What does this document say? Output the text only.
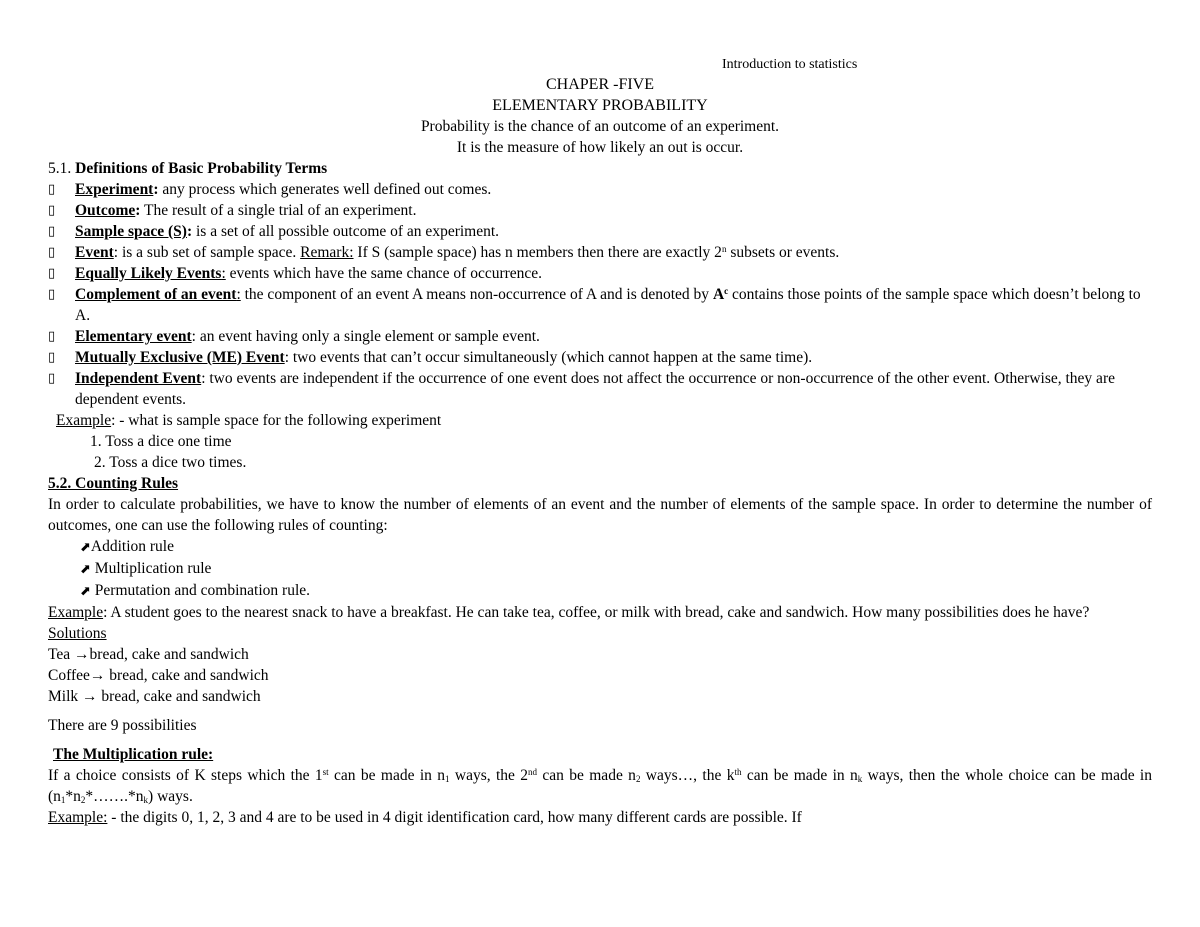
Introduction to statistics
CHAPER -FIVE
ELEMENTARY PROBABILITY
Probability is the chance of an outcome of an experiment.
It is the measure of how likely an out is occur.
5.1. Definitions of Basic Probability Terms
▯ Experiment: any process which generates well defined out comes.
▯ Outcome: The result of a single trial of an experiment.
▯ Sample space (S): is a set of all possible outcome of an experiment.
▯ Event: is a sub set of sample space. Remark: If S (sample space) has n members then there are exactly 2$^n$ subsets or events.
▯ Equally Likely Events: events which have the same chance of occurrence.
▯ Complement of an event: the component of an event A means non-occurrence of A and is denoted by $A^c$ contains those points of the sample space which doesn’t belong to A.
▯ Elementary event: an event having only a single element or sample event.
▯ Mutually Exclusive (ME) Event: two events that can’t occur simultaneously (which cannot happen at the same time).
▯ Independent Event: two events are independent if the occurrence of one event does not affect the occurrence or non-occurrence of the other event. Otherwise, they are dependent events.
Example: - what is sample space for the following experiment
1. Toss a dice one time
2. Toss a dice two times.
5.2. Counting Rules
In order to calculate probabilities, we have to know the number of elements of an event and the number of elements of the sample space. In order to determine the number of outcomes, one can use the following rules of counting:
⬈Addition rule
⬈ Multiplication rule
⬈ Permutation and combination rule.
Example: A student goes to the nearest snack to have a breakfast. He can take tea, coffee, or milk with bread, cake and sandwich. How many possibilities does he have?
Solutions
Tea →bread, cake and sandwich
Coffee→ bread, cake and sandwich
Milk → bread, cake and sandwich
There are 9 possibilities
The Multiplication rule:
If a choice consists of K steps which the 1st can be made in $n_1$ ways, the 2nd can be made $n_2$ ways…, the $k^{th}$ can be made in $n_k$ ways, then the whole choice can be made in $(n_1*n_2*\dots\dots.*n_k)$ ways.
Example: - the digits 0, 1, 2, 3 and 4 are to be used in 4 digit identification card, how many different cards are possible. If
